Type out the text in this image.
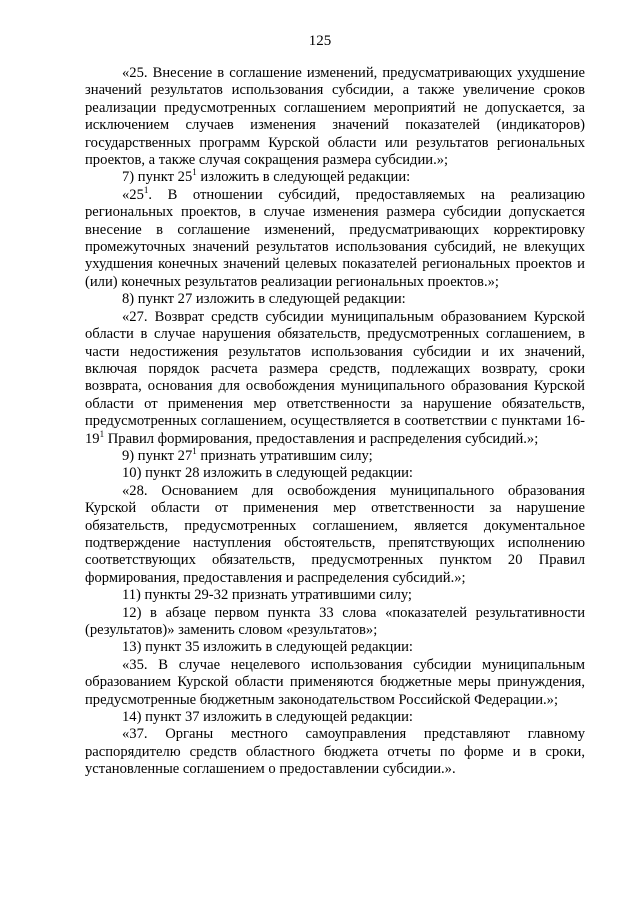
125

«25. Внесение в соглашение изменений, предусматривающих ухудшение значений результатов использования субсидии, а также увеличение сроков реализации предусмотренных соглашением мероприятий не допускается, за исключением случаев изменения значений показателей (индикаторов) государственных программ Курской области или результатов региональных проектов, а также случая сокращения размера субсидии.»;

7) пункт $25^1$ изложить в следующей редакции:

«$25^1$. В отношении субсидий, предоставляемых на реализацию региональных проектов, в случае изменения размера субсидии допускается внесение в соглашение изменений, предусматривающих корректировку промежуточных значений результатов использования субсидий, не влекущих ухудшения конечных значений целевых показателей региональных проектов и (или) конечных результатов реализации региональных проектов.»;

8) пункт 27 изложить в следующей редакции:

«27. Возврат средств субсидии муниципальным образованием Курской области в случае нарушения обязательств, предусмотренных соглашением, в части недостижения результатов использования субсидии и их значений, включая порядок расчета размера средств, подлежащих возврату, сроки возврата, основания для освобождения муниципального образования Курской области от применения мер ответственности за нарушение обязательств, предусмотренных соглашением, осуществляется в соответствии с пунктами $16-19^1$ Правил формирования, предоставления и распределения субсидий.»;

9) пункт $27^1$ признать утратившим силу;

10) пункт 28 изложить в следующей редакции:

«28. Основанием для освобождения муниципального образования Курской области от применения мер ответственности за нарушение обязательств, предусмотренных соглашением, является документальное подтверждение наступления обстоятельств, препятствующих исполнению соответствующих обязательств, предусмотренных пунктом 20 Правил формирования, предоставления и распределения субсидий.»;

11) пункты 29-32 признать утратившими силу;

12) в абзаце первом пункта 33 слова «показателей результативности (результатов)» заменить словом «результатов»;

13) пункт 35 изложить в следующей редакции:

«35. В случае нецелевого использования субсидии муниципальным образованием Курской области применяются бюджетные меры принуждения, предусмотренные бюджетным законодательством Российской Федерации.»;

14) пункт 37 изложить в следующей редакции:

«37. Органы местного самоуправления представляют главному распорядителю средств областного бюджета отчеты по форме и в сроки, установленные соглашением о предоставлении субсидии.».
